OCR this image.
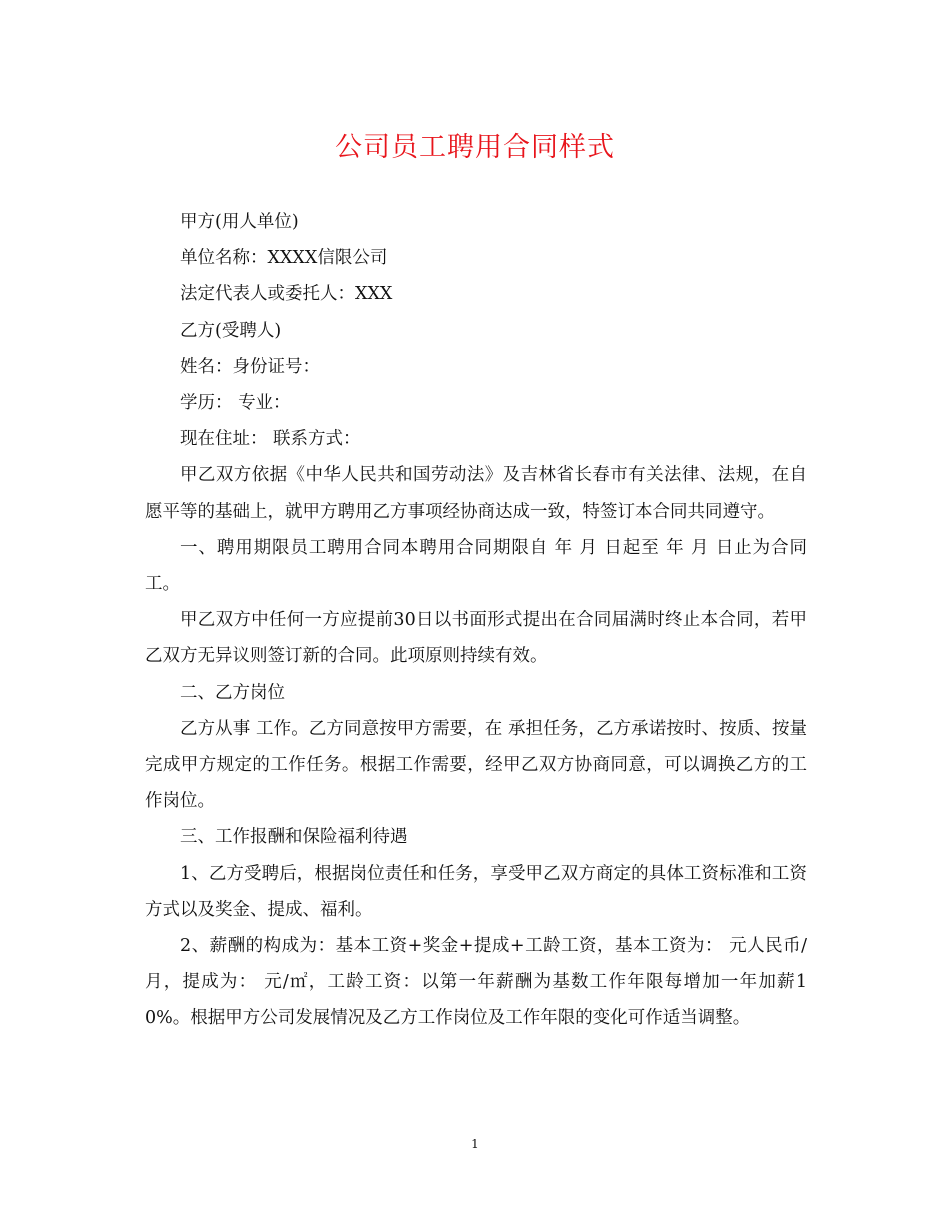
公司员工聘用合同样式

甲方(用人单位)

单位名称：XXXX信限公司

法定代表人或委托人：XXX

乙方(受聘人)

姓名：身份证号：

学历： 专业：

现在住址： 联系方式：

甲乙双方依据《中华人民共和国劳动法》及吉林省长春市有关法律、法规，在自愿平等的基础上，就甲方聘用乙方事项经协商达成一致，特签订本合同共同遵守。

一、聘用期限员工聘用合同本聘用合同期限自 年 月 日起至 年 月 日止为合同工。

甲乙双方中任何一方应提前30日以书面形式提出在合同届满时终止本合同，若甲乙双方无异议则签订新的合同。此项原则持续有效。

二、乙方岗位

乙方从事 工作。乙方同意按甲方需要，在 承担任务，乙方承诺按时、按质、按量完成甲方规定的工作任务。根据工作需要，经甲乙双方协商同意，可以调换乙方的工作岗位。

三、工作报酬和保险福利待遇

1、乙方受聘后，根据岗位责任和任务，享受甲乙双方商定的具体工资标准和工资方式以及奖金、提成、福利。

2、薪酬的构成为：基本工资+奖金+提成+工龄工资，基本工资为： 元人民币/月，提成为： 元/㎡，工龄工资：以第一年薪酬为基数工作年限每增加一年加薪10%。根据甲方公司发展情况及乙方工作岗位及工作年限的变化可作适当调整。

1
